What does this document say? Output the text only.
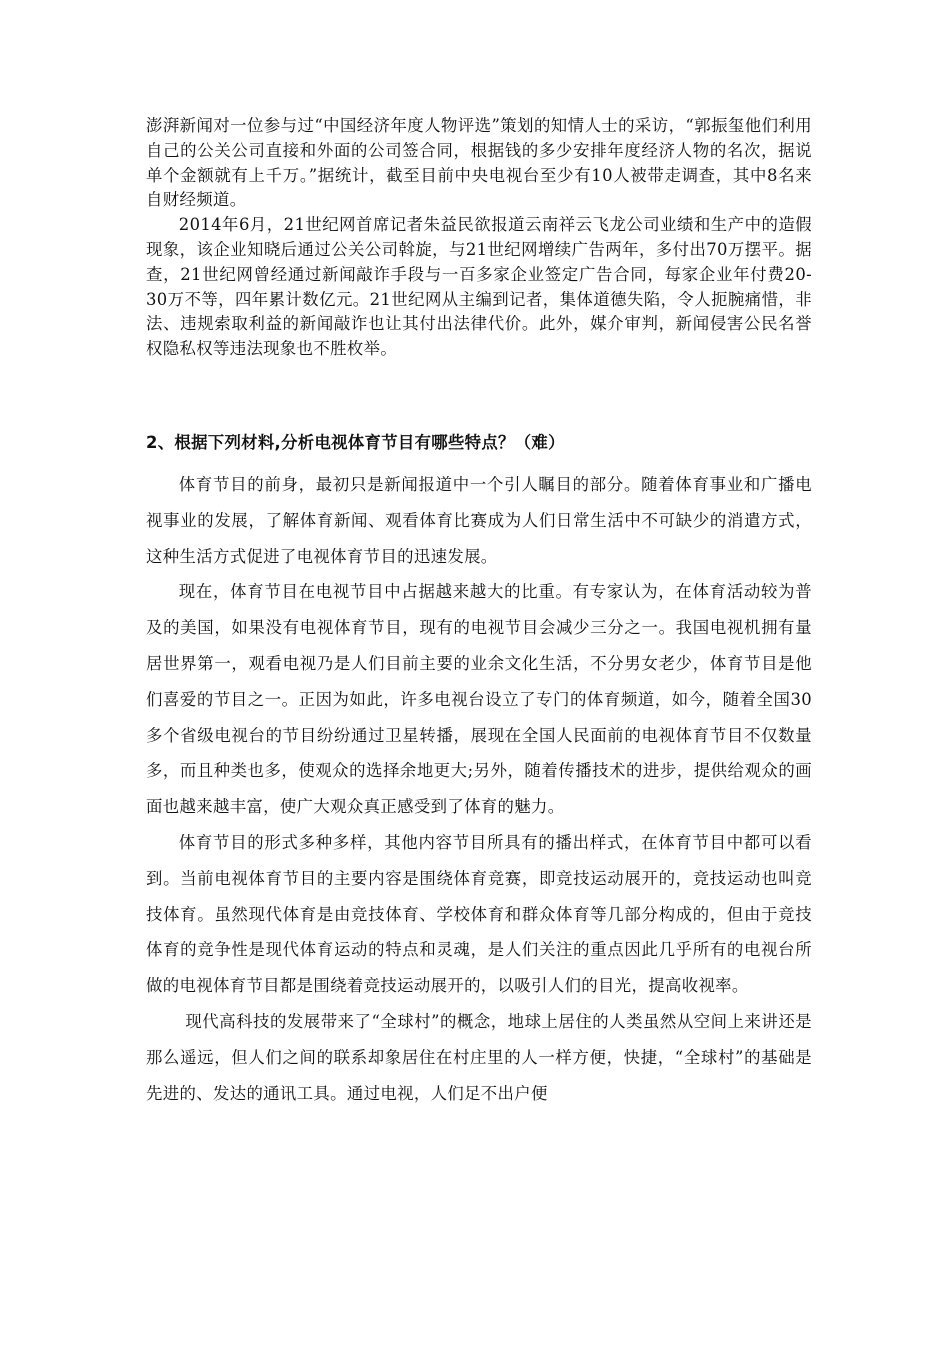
澎湃新闻对一位参与过“中国经济年度人物评选”策划的知情人士的采访，“郭振玺他们利用自己的公关公司直接和外面的公司签合同，根据钱的多少安排年度经济人物的名次，据说单个金额就有上千万。”据统计，截至目前中央电视台至少有10人被带走调查，其中8名来自财经频道。

2014年6月，21世纪网首席记者朱益民欲报道云南祥云飞龙公司业绩和生产中的造假现象，该企业知晓后通过公关公司斡旋，与21世纪网增续广告两年，多付出70万摆平。据查，21世纪网曾经通过新闻敲诈手段与一百多家企业签定广告合同，每家企业年付费20-30万不等，四年累计数亿元。21世纪网从主编到记者，集体道德失陷，令人扼腕痛惜，非法、违规索取利益的新闻敲诈也让其付出法律代价。此外，媒介审判，新闻侵害公民名誉权隐私权等违法现象也不胜枚举。

2、根据下列材料,分析电视体育节目有哪些特点？（难）

体育节目的前身，最初只是新闻报道中一个引人瞩目的部分。随着体育事业和广播电视事业的发展，了解体育新闻、观看体育比赛成为人们日常生活中不可缺少的消遣方式，这种生活方式促进了电视体育节目的迅速发展。

现在，体育节目在电视节目中占据越来越大的比重。有专家认为，在体育活动较为普及的美国，如果没有电视体育节目，现有的电视节目会减少三分之一。我国电视机拥有量居世界第一，观看电视乃是人们目前主要的业余文化生活，不分男女老少，体育节目是他们喜爱的节目之一。正因为如此，许多电视台设立了专门的体育频道，如今，随着全国30多个省级电视台的节目纷纷通过卫星转播，展现在全国人民面前的电视体育节目不仅数量多，而且种类也多，使观众的选择余地更大;另外，随着传播技术的进步，提供给观众的画面也越来越丰富，使广大观众真正感受到了体育的魅力。

体育节目的形式多种多样，其他内容节目所具有的播出样式，在体育节目中都可以看到。当前电视体育节目的主要内容是围绕体育竞赛，即竞技运动展开的，竞技运动也叫竞技体育。虽然现代体育是由竞技体育、学校体育和群众体育等几部分构成的，但由于竞技体育的竞争性是现代体育运动的特点和灵魂，是人们关注的重点因此几乎所有的电视台所做的电视体育节目都是围绕着竞技运动展开的，以吸引人们的目光，提高收视率。

现代高科技的发展带来了“全球村”的概念，地球上居住的人类虽然从空间上来讲还是那么遥远，但人们之间的联系却象居住在村庄里的人一样方便，快捷，“全球村”的基础是先进的、发达的通讯工具。通过电视，人们足不出户便
